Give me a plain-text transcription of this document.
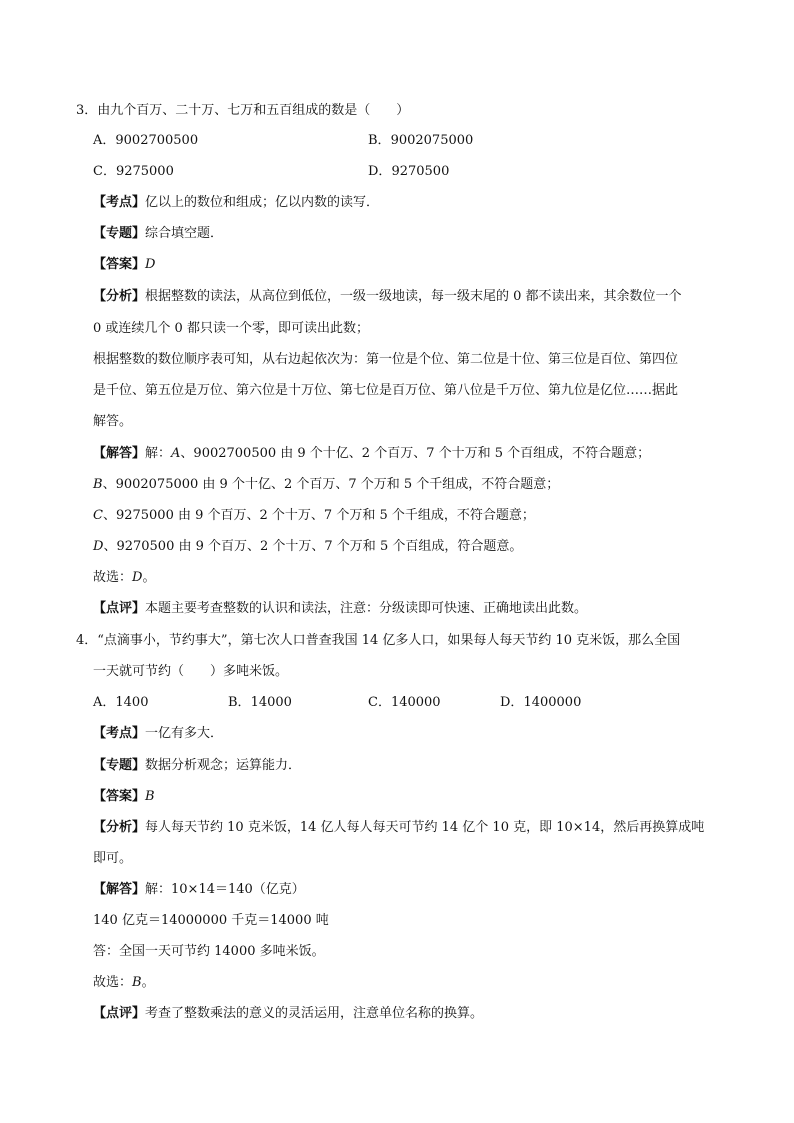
3．由九个百万、二十万、七万和五百组成的数是（　　）
A．9002700500	B．9002075000
C．9275000	D．9270500
【考点】亿以上的数位和组成；亿以内数的读写．
【专题】综合填空题．
【答案】D
【分析】根据整数的读法，从高位到低位，一级一级地读，每一级末尾的 0 都不读出来，其余数位一个
0 或连续几个 0 都只读一个零，即可读出此数；
根据整数的数位顺序表可知，从右边起依次为：第一位是个位、第二位是十位、第三位是百位、第四位
是千位、第五位是万位、第六位是十万位、第七位是百万位、第八位是千万位、第九位是亿位……据此
解答。
【解答】解：A、9002700500 由 9 个十亿、2 个百万、7 个十万和 5 个百组成，不符合题意；
B、9002075000 由 9 个十亿、2 个百万、7 个万和 5 个千组成，不符合题意；
C、9275000 由 9 个百万、2 个十万、7 个万和 5 个千组成，不符合题意；
D、9270500 由 9 个百万、2 个十万、7 个万和 5 个百组成，符合题意。
故选：D。
【点评】本题主要考查整数的认识和读法，注意：分级读即可快速、正确地读出此数。
4．“点滴事小，节约事大”，第七次人口普查我国 14 亿多人口，如果每人每天节约 10 克米饭，那么全国
一天就可节约（　　）多吨米饭。
A．1400	B．14000	C．140000	D．1400000
【考点】一亿有多大．
【专题】数据分析观念；运算能力．
【答案】B
【分析】每人每天节约 10 克米饭，14 亿人每人每天可节约 14 亿个 10 克，即 10×14，然后再换算成吨
即可。
【解答】解：10×14＝140（亿克）
140 亿克＝14000000 千克＝14000 吨
答：全国一天可节约 14000 多吨米饭。
故选：B。
【点评】考查了整数乘法的意义的灵活运用，注意单位名称的换算。
